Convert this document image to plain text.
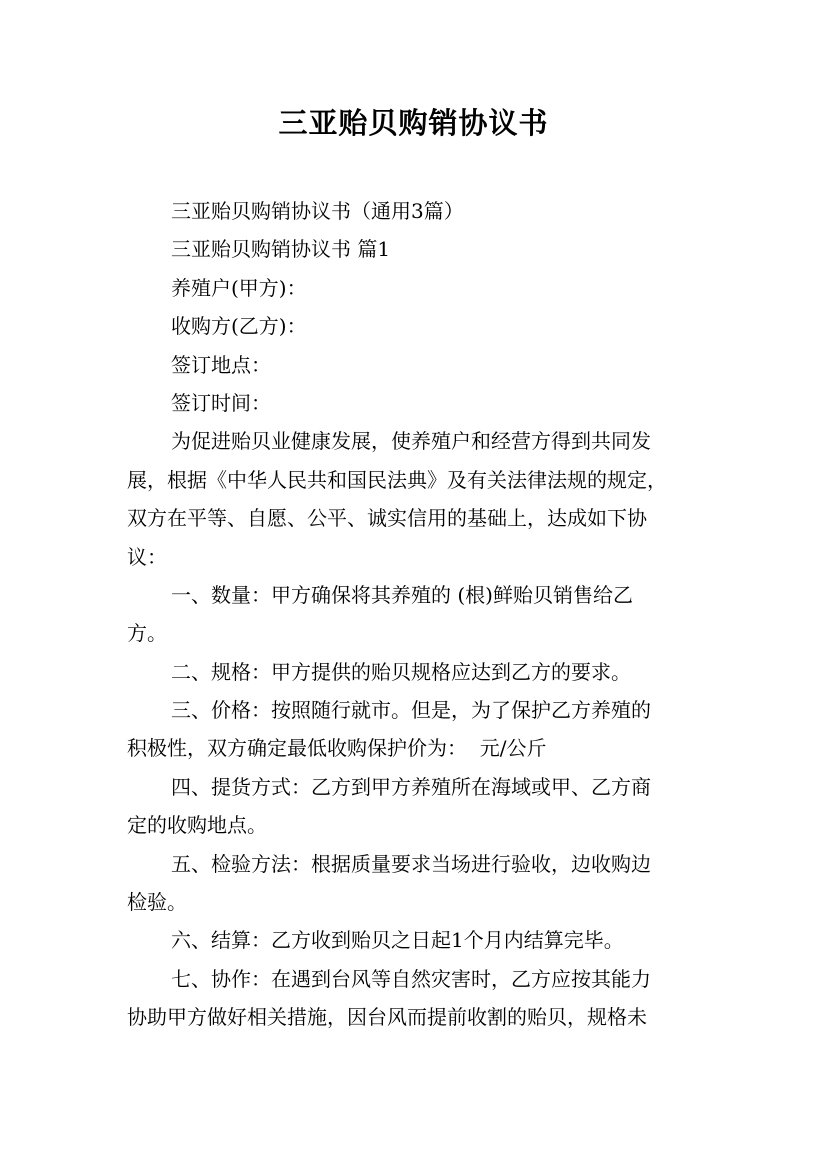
三亚贻贝购销协议书
三亚贻贝购销协议书（通用3篇）
三亚贻贝购销协议书 篇1
养殖户(甲方)：
收购方(乙方)：
签订地点：
签订时间：
为促进贻贝业健康发展，使养殖户和经营方得到共同发
展，根据《中华人民共和国民法典》及有关法律法规的规定，
双方在平等、自愿、公平、诚实信用的基础上，达成如下协
议：
一、数量：甲方确保将其养殖的 (根)鲜贻贝销售给乙
方。
二、规格：甲方提供的贻贝规格应达到乙方的要求。
三、价格：按照随行就市。但是，为了保护乙方养殖的
积极性，双方确定最低收购保护价为：  元/公斤
四、提货方式：乙方到甲方养殖所在海域或甲、乙方商
定的收购地点。
五、检验方法：根据质量要求当场进行验收，边收购边
检验。
六、结算：乙方收到贻贝之日起1个月内结算完毕。
七、协作：在遇到台风等自然灾害时，乙方应按其能力
协助甲方做好相关措施，因台风而提前收割的贻贝，规格未
